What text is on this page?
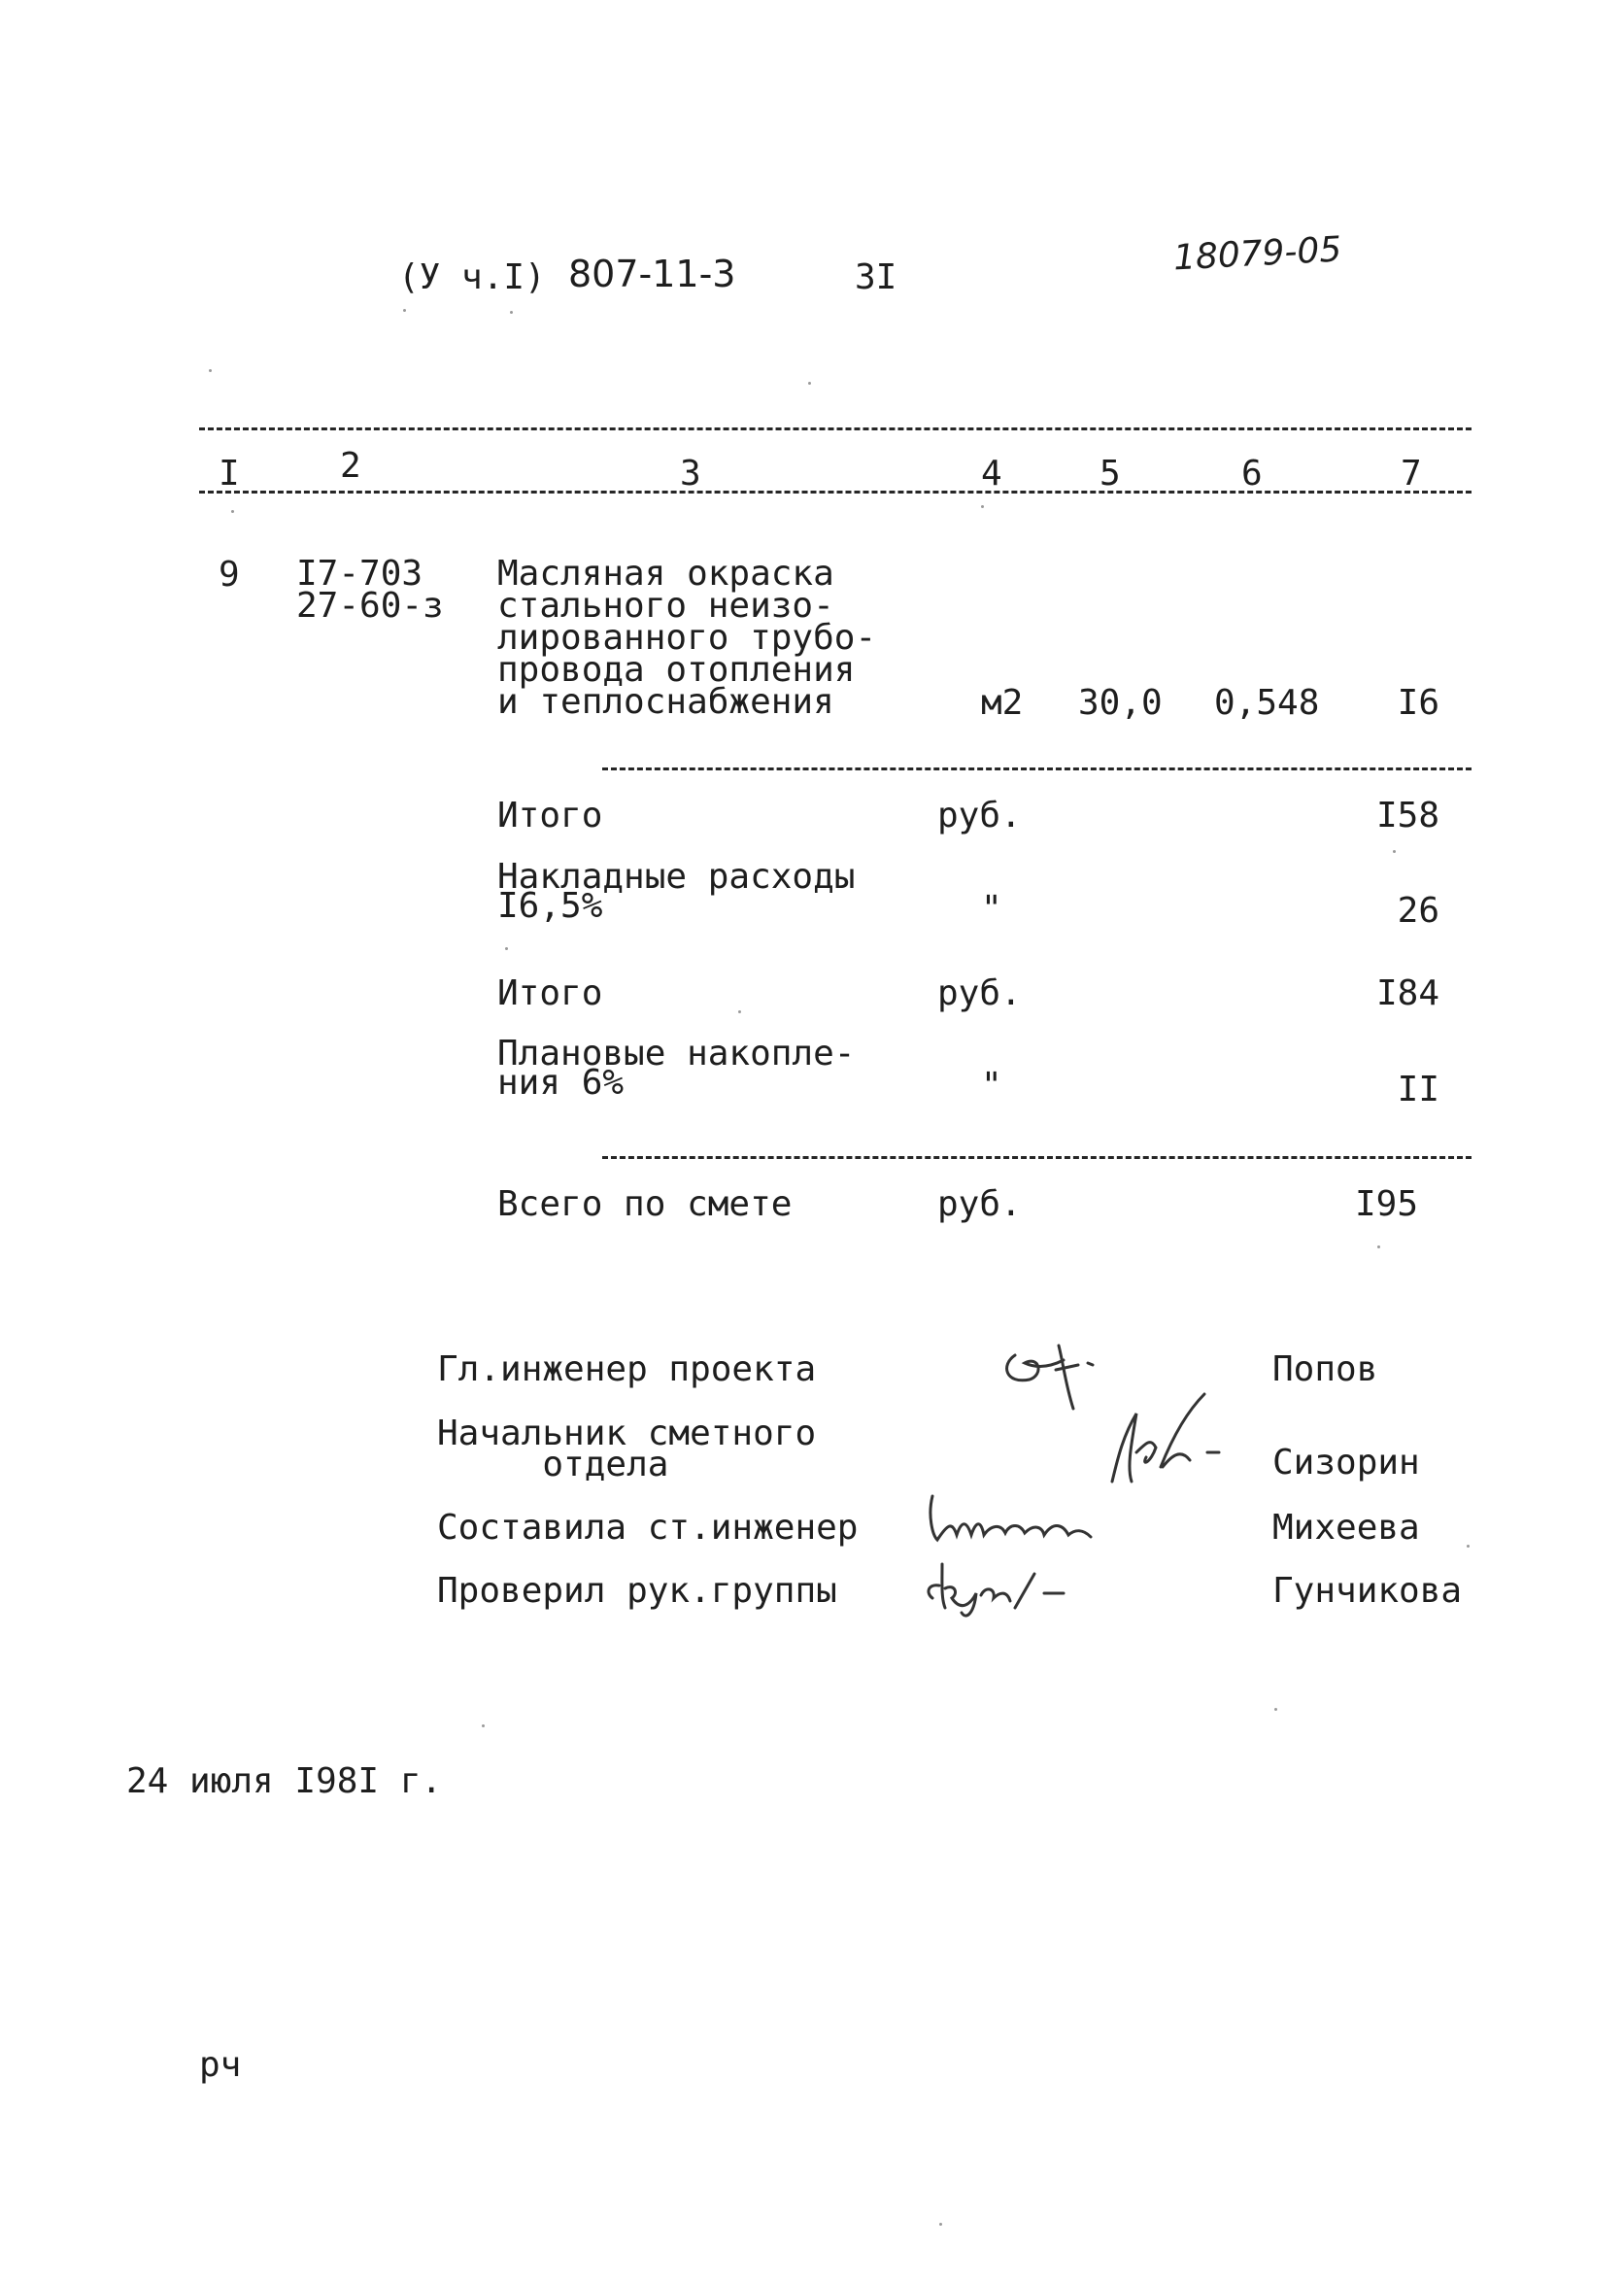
(У ч.I) 807-11-3	3I	18079-05
I	2	3	4	5	6	7
9 I7-703
27-60-з
Масляная окраска
стального неизо-
лированного трубо-
провода отопления
и теплоснабжения	м2 30,0 0,548 I6
Итого	руб.	I58
Накладные расходы
I6,5%	"	26
Итого	руб.	I84
Плановые накопле-
ния 6%	"	II
Всего по смете	руб.	I95
Гл.инженер проекта	Попов
Начальник сметного
отдела	Сизорин
Составила ст.инженер	Михеева
Проверил рук.группы	Гунчикова
24 июля I98I г.
рч
